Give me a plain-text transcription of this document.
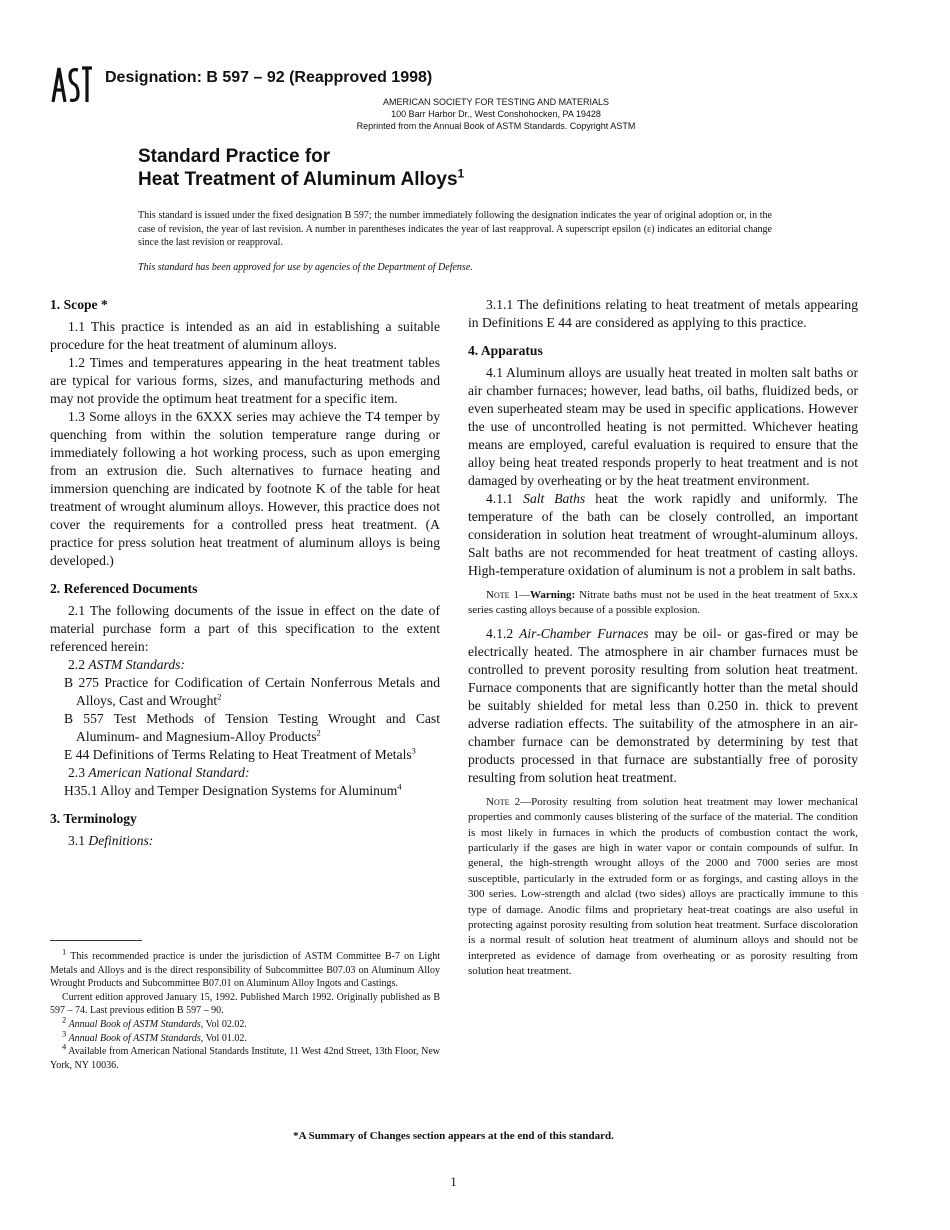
Designation: B 597 – 92 (Reapproved 1998)
AMERICAN SOCIETY FOR TESTING AND MATERIALS
100 Barr Harbor Dr., West Conshohocken, PA 19428
Reprinted from the Annual Book of ASTM Standards. Copyright ASTM
Standard Practice for
Heat Treatment of Aluminum Alloys$^1$
This standard is issued under the fixed designation B 597; the number immediately following the designation indicates the year of original adoption or, in the case of revision, the year of last revision. A number in parentheses indicates the year of last reapproval. A superscript epsilon (ε) indicates an editorial change since the last revision or reapproval.
This standard has been approved for use by agencies of the Department of Defense.
1. Scope *

1.1 This practice is intended as an aid in establishing a suitable procedure for the heat treatment of aluminum alloys.

1.2 Times and temperatures appearing in the heat treatment tables are typical for various forms, sizes, and manufacturing methods and may not provide the optimum heat treatment for a specific item.

1.3 Some alloys in the 6XXX series may achieve the T4 temper by quenching from within the solution temperature range during or immediately following a hot working process, such as upon emerging from an extrusion die. Such alternatives to furnace heating and immersion quenching are indicated by footnote K of the table for heat treatment of wrought aluminum alloys. However, this practice does not cover the requirements for a controlled press heat treatment. (A practice for press solution heat treatment of aluminum alloys is being developed.)

2. Referenced Documents

2.1 The following documents of the issue in effect on the date of material purchase form a part of this specification to the extent referenced herein:

2.2 ASTM Standards:

B 275 Practice for Codification of Certain Nonferrous Metals and Alloys, Cast and Wrought$^2$

B 557 Test Methods of Tension Testing Wrought and Cast Aluminum- and Magnesium-Alloy Products$^2$

E 44 Definitions of Terms Relating to Heat Treatment of Metals$^3$

2.3 American National Standard:

H35.1 Alloy and Temper Designation Systems for Aluminum$^4$

3. Terminology

3.1 Definitions:

$^1$ This recommended practice is under the jurisdiction of ASTM Committee B-7 on Light Metals and Alloys and is the direct responsibility of Subcommittee B07.03 on Aluminum Alloy Wrought Products and Subcommittee B07.01 on Aluminum Alloy Ingots and Castings.

Current edition approved January 15, 1992. Published March 1992. Originally published as B 597 – 74. Last previous edition B 597 – 90.

$^2$ Annual Book of ASTM Standards, Vol 02.02.

$^3$ Annual Book of ASTM Standards, Vol 01.02.

$^4$ Available from American National Standards Institute, 11 West 42nd Street, 13th Floor, New York, NY 10036.

3.1.1 The definitions relating to heat treatment of metals appearing in Definitions E 44 are considered as applying to this practice.

4. Apparatus

4.1 Aluminum alloys are usually heat treated in molten salt baths or air chamber furnaces; however, lead baths, oil baths, fluidized beds, or even superheated steam may be used in specific applications. However the use of uncontrolled heating is not permitted. Whichever heating means are employed, careful evaluation is required to ensure that the alloy being heat treated responds properly to heat treatment and is not damaged by overheating or by the heat treatment environment.

4.1.1 Salt Baths heat the work rapidly and uniformly. The temperature of the bath can be closely controlled, an important consideration in solution heat treatment of wrought-aluminum alloys. Salt baths are not recommended for heat treatment of casting alloys. High-temperature oxidation of aluminum is not a problem in salt baths.

Note 1—Warning: Nitrate baths must not be used in the heat treatment of 5xx.x series casting alloys because of a possible explosion.

4.1.2 Air-Chamber Furnaces may be oil- or gas-fired or may be electrically heated. The atmosphere in air chamber furnaces must be controlled to prevent porosity resulting from solution heat treatment. Furnace components that are significantly hotter than the metal should be suitably shielded for metal less than 0.250 in. thick to prevent adverse radiation effects. The suitability of the atmosphere in an air-chamber furnace can be demonstrated by determining by test that products processed in that furnace are substantially free of porosity resulting from solution heat treatment.

Note 2—Porosity resulting from solution heat treatment may lower mechanical properties and commonly causes blistering of the surface of the material. The condition is most likely in furnaces in which the products of combustion contact the work, particularly if the gases are high in water vapor or contain compounds of sulfur. In general, the high-strength wrought alloys of the 2000 and 7000 series are most susceptible, particularly in the extruded form or as forgings, and casting alloys in the 300 series. Low-strength and alclad (two sides) alloys are practically immune to this type of damage. Anodic films and proprietary heat-treat coatings are also useful in protecting against porosity resulting from solution heat treatment. Surface discoloration is a normal result of solution heat treatment of aluminum alloys and should not be interpreted as evidence of damage from overheating or as porosity resulting from solution heat treatment.

*A Summary of Changes section appears at the end of this standard.
1
